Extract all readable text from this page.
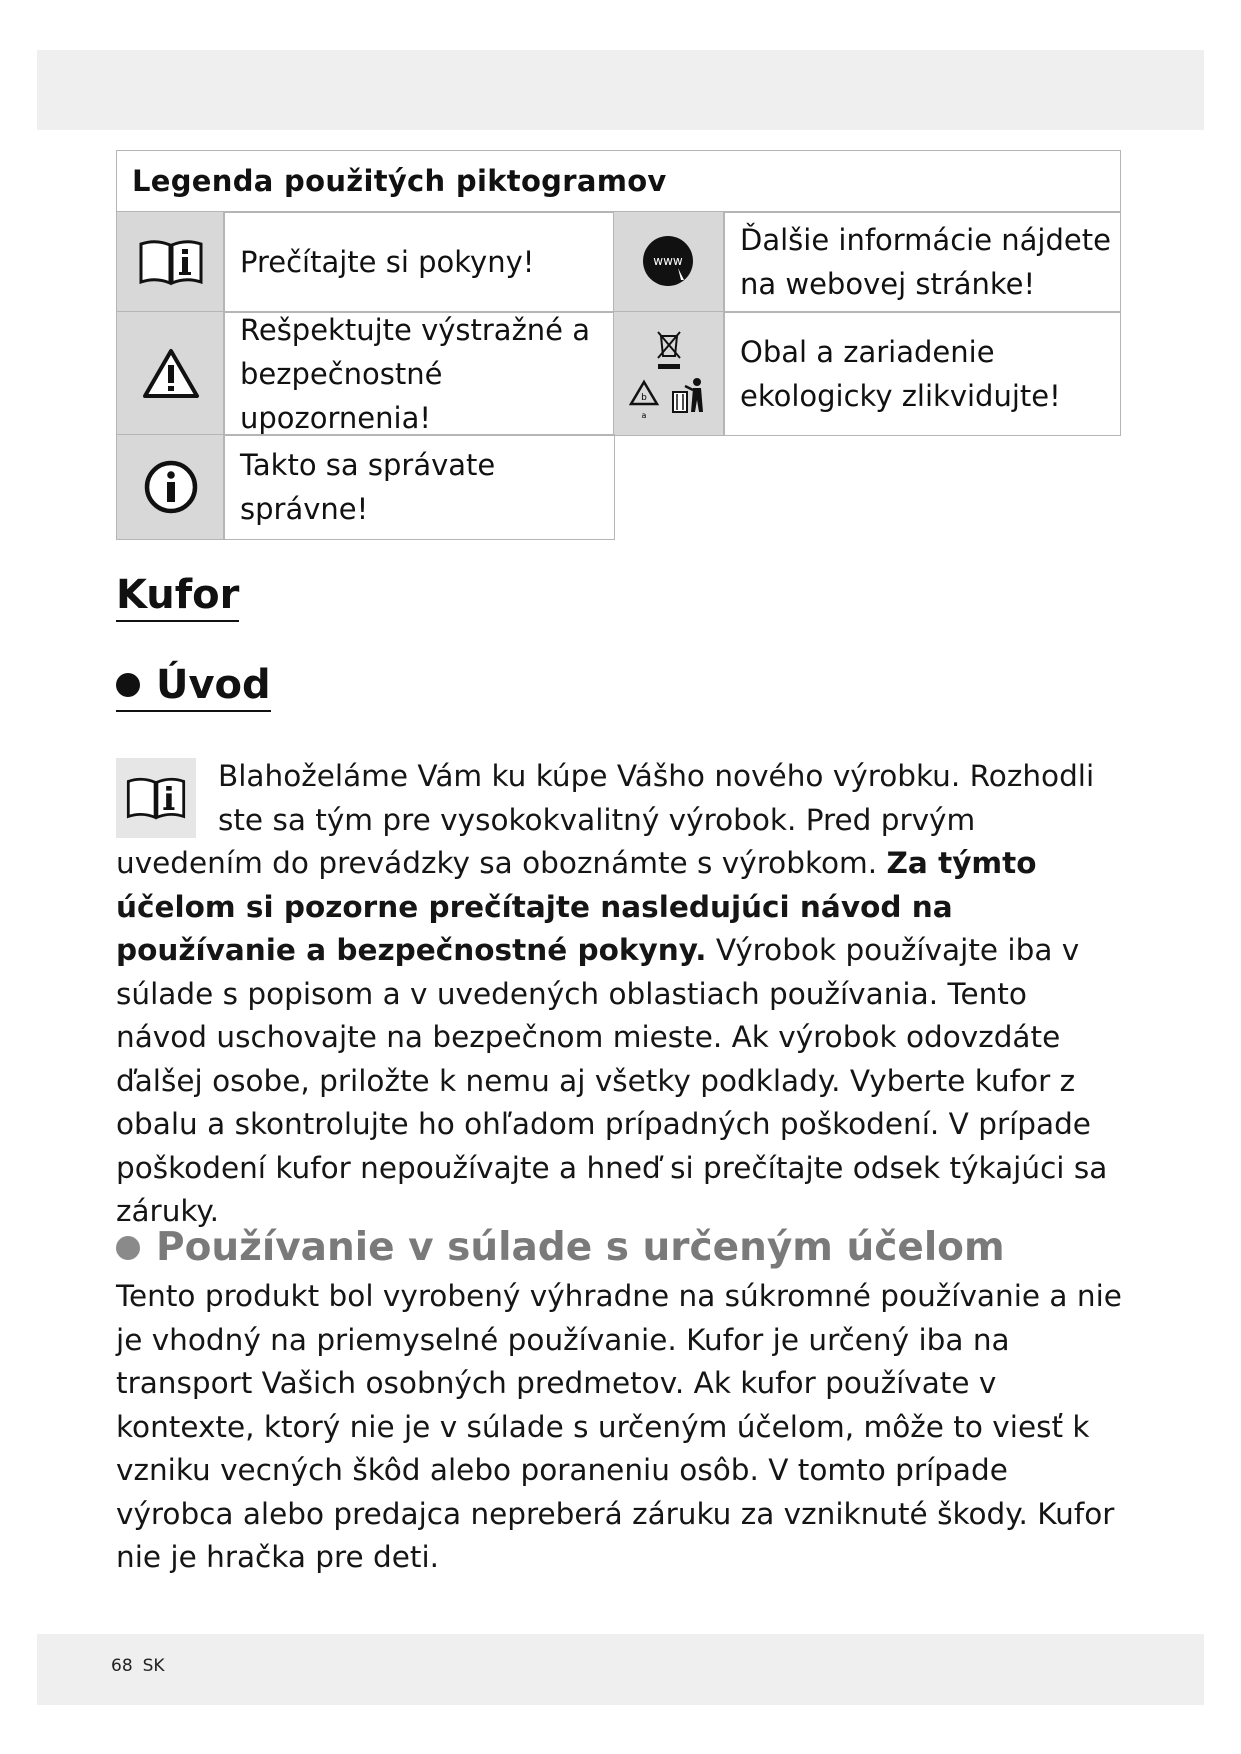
Legenda použitých piktogramov
Prečítajte si pokyny!	www
Ďalšie informácie nájdete
na webovej stránke!
Rešpektujte výstražné a
bezpečnostné upozornenia!
b
a
Obal a zariadenie
ekologicky zlikvidujte!
Takto sa správate
správne!
Kufor
Úvod
Blahoželáme Vám ku kúpe Vášho nového výrobku. Rozhodli ste sa tým pre vysokokvalitný výrobok. Pred prvým uvedením do prevádzky sa oboznámte s výrobkom. Za týmto účelom si pozorne prečítajte nasledujúci návod na používanie a bezpečnostné pokyny. Výrobok používajte iba v súlade s popisom a v uvedených oblastiach používania. Tento návod uschovajte na bezpečnom mieste. Ak výrobok odovzdáte ďalšej osobe, priložte k nemu aj všetky podklady. Vyberte kufor z obalu a skontrolujte ho ohľadom prípadných poškodení. V prípade poškodení kufor nepoužívajte a hneď si prečítajte odsek týkajúci sa záruky.
Používanie v súlade s určeným účelom
Tento produkt bol vyrobený výhradne na súkromné používanie a nie je vhodný na priemyselné používanie. Kufor je určený iba na transport Vašich osobných predmetov. Ak kufor používate v kontexte, ktorý nie je v súlade s určeným účelom, môže to viesť k vzniku vecných škôd alebo poraneniu osôb. V tomto prípade výrobca alebo predajca nepreberá záruku za vzniknuté škody. Kufor nie je hračka pre deti.
68 SK
